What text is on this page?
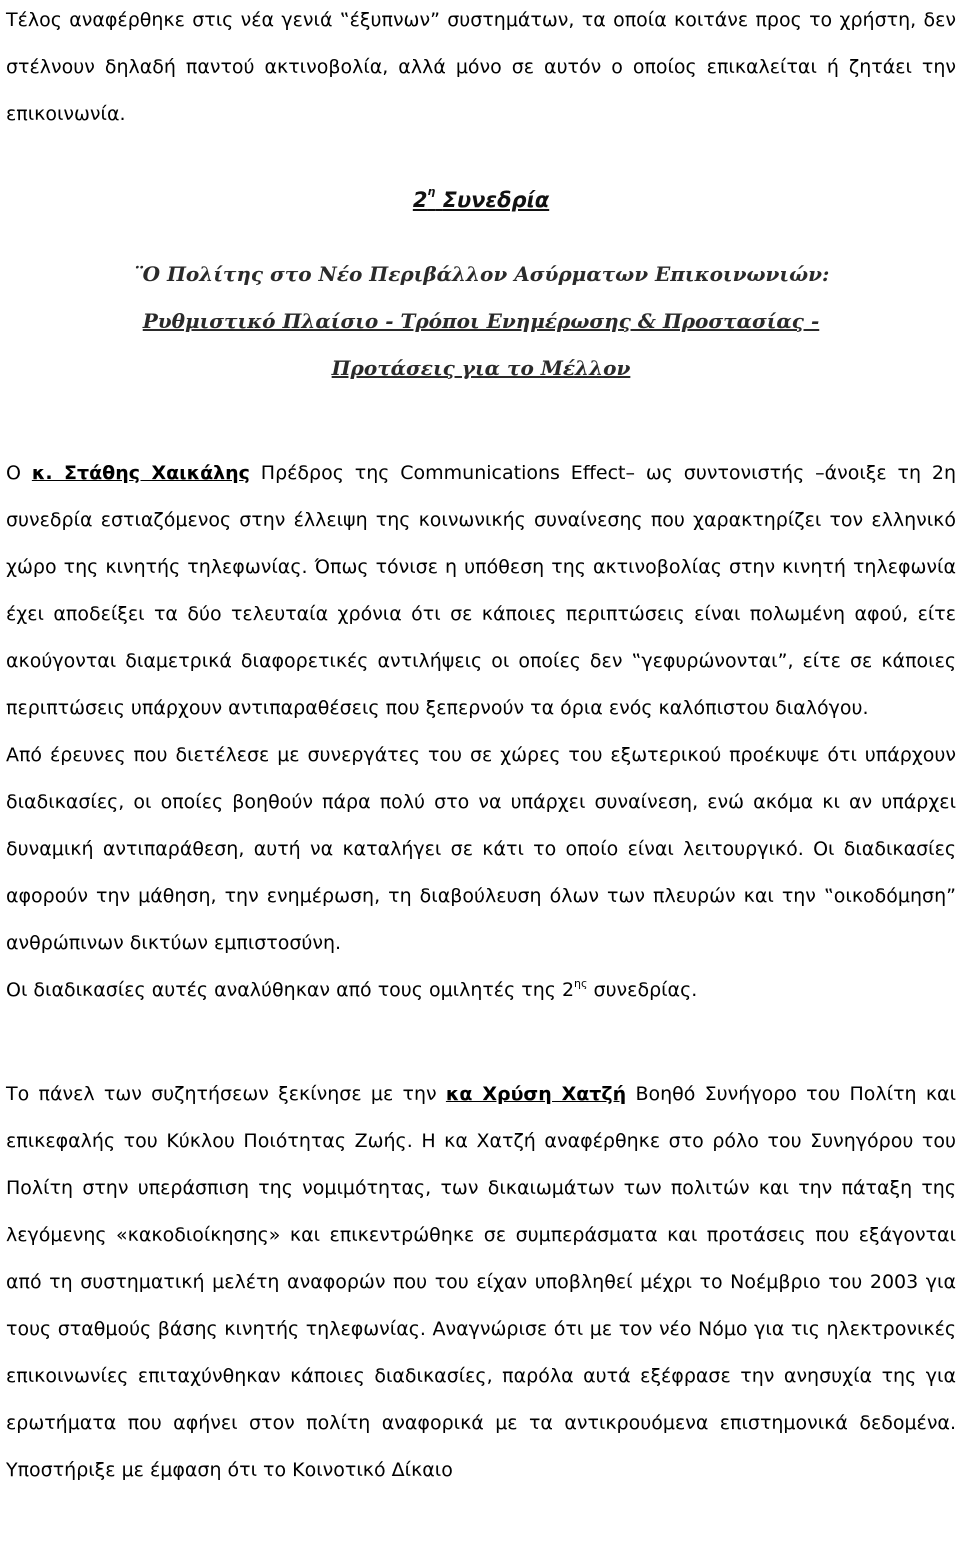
Τέλος αναφέρθηκε στις νέα γενιά ‟έξυπνων” συστημάτων, τα οποία κοιτάνε προς το χρήστη, δεν στέλνουν δηλαδή παντού ακτινοβολία, αλλά μόνο σε αυτόν ο οποίος επικαλείται ή ζητάει την επικοινωνία.

$2^\eta$ Συνεδρία
¨Ο Πολίτης στο Νέο Περιβάλλον Ασύρματων Επικοινωνιών:
Ρυθμιστικό Πλαίσιο - Τρόποι Ενημέρωσης & Προστασίας -
Προτάσεις για το Μέλλον

Ο κ. Στάθης Χαικάλης Πρέδρος της Communications Effect– ως συντονιστής –άνοιξε τη 2η συνεδρία εστιαζόμενος στην έλλειψη της κοινωνικής συναίνεσης που χαρακτηρίζει τον ελληνικό χώρο της κινητής τηλεφωνίας. Όπως τόνισε η υπόθεση της ακτινοβολίας στην κινητή τηλεφωνία έχει αποδείξει τα δύο τελευταία χρόνια ότι σε κάποιες περιπτώσεις είναι πολωμένη αφού, είτε ακούγονται διαμετρικά διαφορετικές αντιλήψεις οι οποίες δεν ‟γεφυρώνονται”, είτε σε κάποιες περιπτώσεις υπάρχουν αντιπαραθέσεις που ξεπερνούν τα όρια ενός καλόπιστου διαλόγου.

Από έρευνες που διετέλεσε με συνεργάτες του σε χώρες του εξωτερικού προέκυψε ότι υπάρχουν διαδικασίες, οι οποίες βοηθούν πάρα πολύ στο να υπάρχει συναίνεση, ενώ ακόμα κι αν υπάρχει δυναμική αντιπαράθεση, αυτή να καταλήγει σε κάτι το οποίο είναι λειτουργικό. Οι διαδικασίες αφορούν την μάθηση, την ενημέρωση, τη διαβούλευση όλων των πλευρών και την ‟οικοδόμηση” ανθρώπινων δικτύων εμπιστοσύνη.

Οι διαδικασίες αυτές αναλύθηκαν από τους ομιλητές της $2^{\eta\varsigma}$ συνεδρίας.

Το πάνελ των συζητήσεων ξεκίνησε με την κα Χρύση Χατζή Βοηθό Συνήγορο του Πολίτη και επικεφαλής του Κύκλου Ποιότητας Ζωής. Η κα Χατζή αναφέρθηκε στο ρόλο του Συνηγόρου του Πολίτη στην υπεράσπιση της νομιμότητας, των δικαιωμάτων των πολιτών και την πάταξη της λεγόμενης «κακοδιοίκησης» και επικεντρώθηκε σε συμπεράσματα και προτάσεις που εξάγονται από τη συστηματική μελέτη αναφορών που του είχαν υποβληθεί μέχρι το Νοέμβριο του 2003 για τους σταθμούς βάσης κινητής τηλεφωνίας. Αναγνώρισε ότι με τον νέο Νόμο για τις ηλεκτρονικές επικοινωνίες επιταχύνθηκαν κάποιες διαδικασίες, παρόλα αυτά εξέφρασε την ανησυχία της για ερωτήματα που αφήνει στον πολίτη αναφορικά με τα αντικρουόμενα επιστημονικά δεδομένα. Υποστήριξε με έμφαση ότι το Κοινοτικό Δίκαιο
